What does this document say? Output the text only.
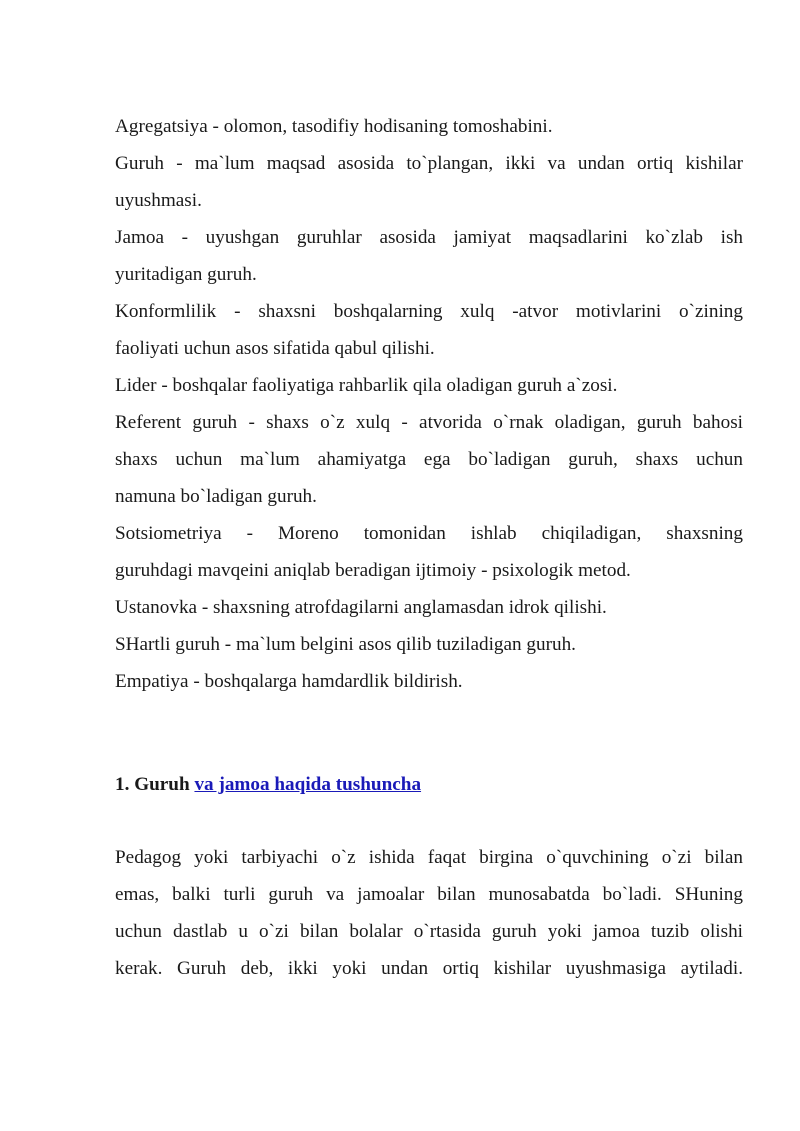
Agregatsiya - olomon, tasodifiy hodisaning tomoshabini.
Guruh - ma`lum maqsad asosida to`plangan, ikki va undan ortiq kishilar
uyushmasi.
Jamoa - uyushgan guruhlar asosida jamiyat maqsadlarini ko`zlab ish
yuritadigan guruh.
Konformlilik - shaxsni boshqalarning xulq -atvor motivlarini o`zining
faoliyati uchun asos sifatida qabul qilishi.
Lider - boshqalar faoliyatiga rahbarlik qila oladigan guruh a`zosi.
Referent guruh - shaxs o`z xulq - atvorida o`rnak oladigan, guruh bahosi
shaxs uchun ma`lum ahamiyatga ega bo`ladigan guruh, shaxs uchun
namuna bo`ladigan guruh.
Sotsiometriya - Moreno tomonidan ishlab chiqiladigan, shaxsning
guruhdagi mavqeini aniqlab beradigan ijtimoiy - psixologik metod.
Ustanovka - shaxsning atrofdagilarni anglamasdan idrok qilishi.
SHartli guruh - ma`lum belgini asos qilib tuziladigan guruh.
Empatiya - boshqalarga hamdardlik bildirish.

1. Guruh va jamoa haqida tushuncha

Pedagog yoki tarbiyachi o`z ishida faqat birgina o`quvchining o`zi bilan
emas, balki turli guruh va jamoalar bilan munosabatda bo`ladi. SHuning
uchun dastlab u o`zi bilan bolalar o`rtasida guruh yoki jamoa tuzib olishi
kerak. Guruh deb, ikki yoki undan ortiq kishilar uyushmasiga aytiladi.
